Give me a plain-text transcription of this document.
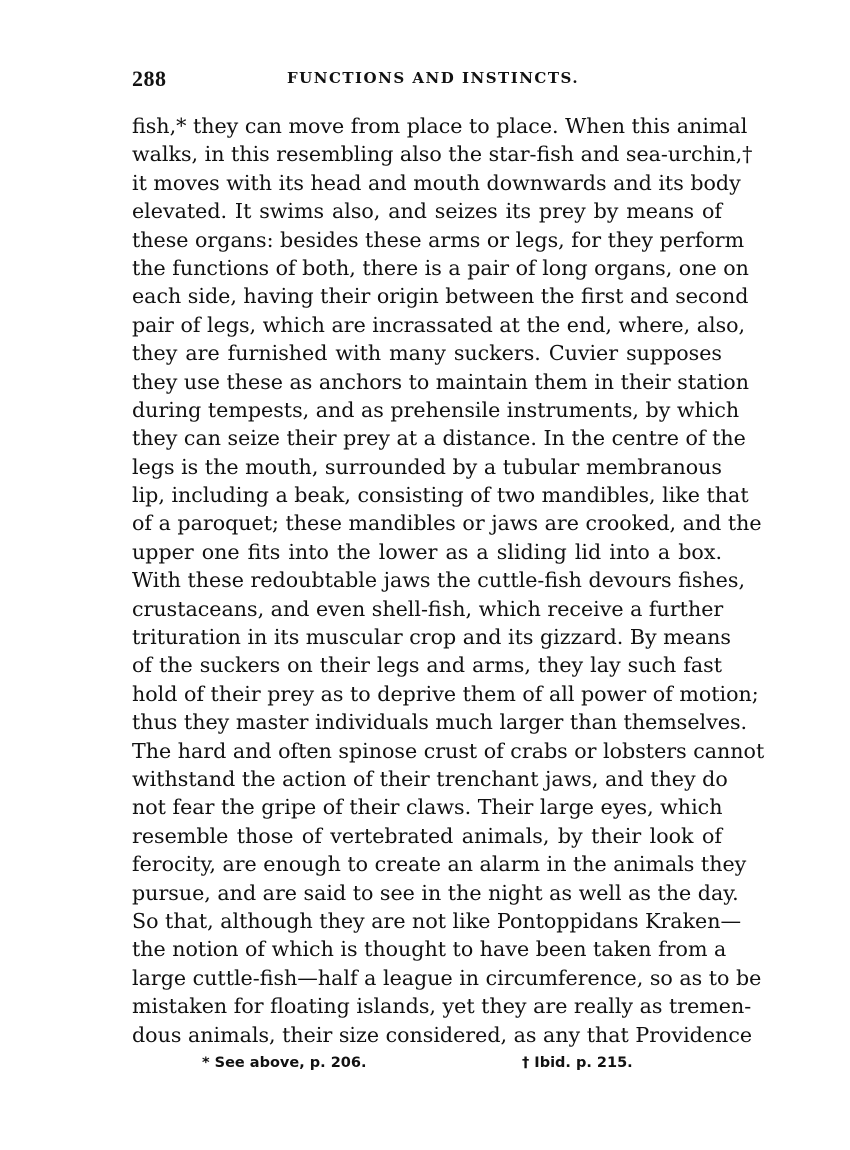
288	FUNCTIONS AND INSTINCTS.
fish,* they can move from place to place. When this animal
walks, in this resembling also the star-fish and sea-urchin,†
it moves with its head and mouth downwards and its body
elevated. It swims also, and seizes its prey by means of
these organs: besides these arms or legs, for they perform
the functions of both, there is a pair of long organs, one on
each side, having their origin between the first and second
pair of legs, which are incrassated at the end, where, also,
they are furnished with many suckers. Cuvier supposes
they use these as anchors to maintain them in their station
during tempests, and as prehensile instruments, by which
they can seize their prey at a distance. In the centre of the
legs is the mouth, surrounded by a tubular membranous
lip, including a beak, consisting of two mandibles, like that
of a paroquet; these mandibles or jaws are crooked, and the
upper one fits into the lower as a sliding lid into a box.
With these redoubtable jaws the cuttle-fish devours fishes,
crustaceans, and even shell-fish, which receive a further
trituration in its muscular crop and its gizzard. By means
of the suckers on their legs and arms, they lay such fast
hold of their prey as to deprive them of all power of motion;
thus they master individuals much larger than themselves.
The hard and often spinose crust of crabs or lobsters cannot
withstand the action of their trenchant jaws, and they do
not fear the gripe of their claws. Their large eyes, which
resemble those of vertebrated animals, by their look of
ferocity, are enough to create an alarm in the animals they
pursue, and are said to see in the night as well as the day.
So that, although they are not like Pontoppidans Kraken—
the notion of which is thought to have been taken from a
large cuttle-fish—half a league in circumference, so as to be
mistaken for floating islands, yet they are really as tremen-
dous animals, their size considered, as any that Providence
* See above, p. 206.	† Ibid. p. 215.
